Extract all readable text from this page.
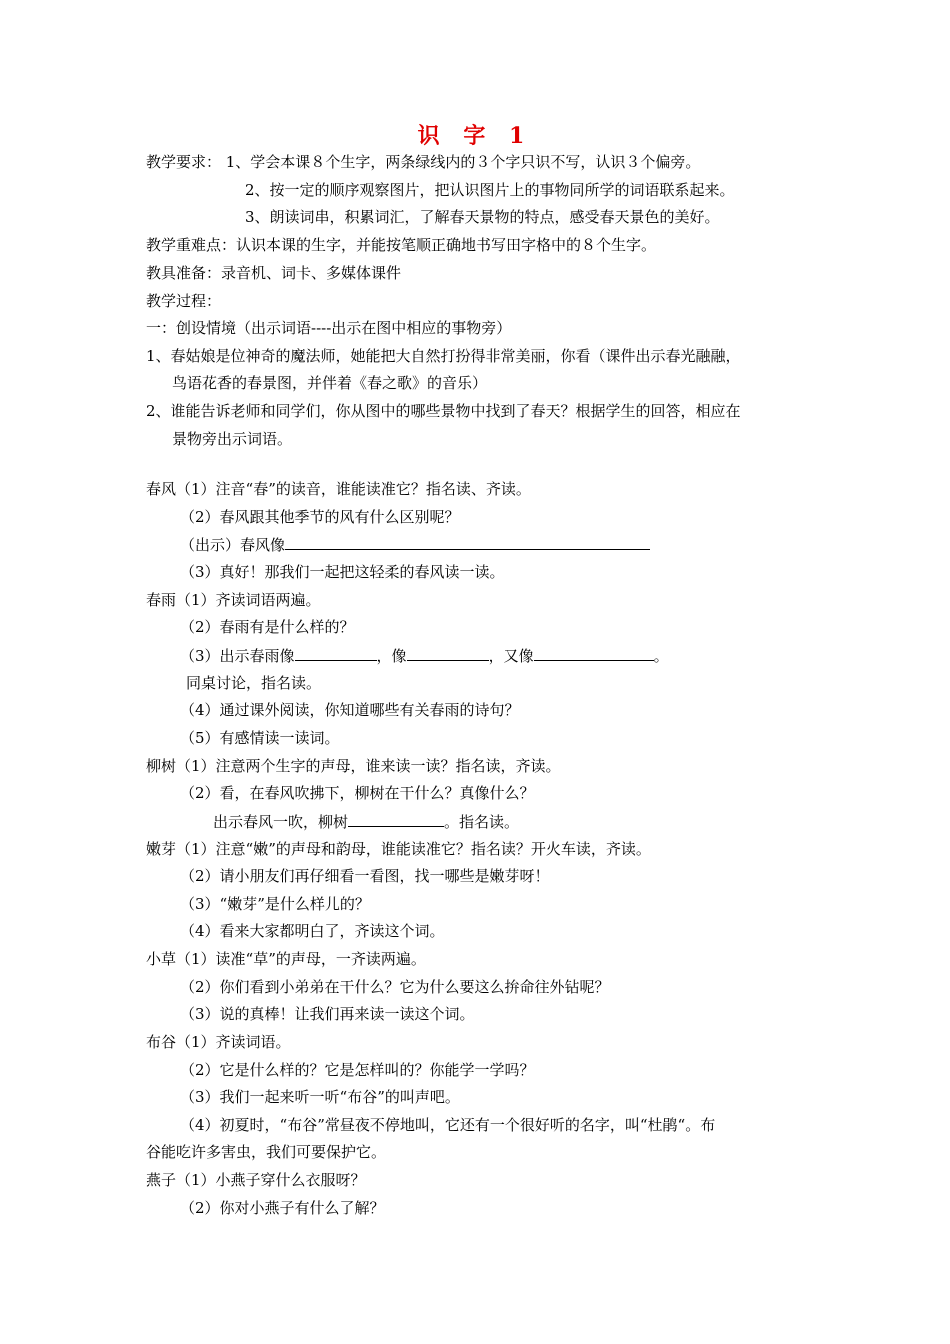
识 字 1
教学要求： 1、学会本课８个生字，两条绿线内的３个字只识不写，认识３个偏旁。
2、按一定的顺序观察图片，把认识图片上的事物同所学的词语联系起来。
3、朗读词串，积累词汇，了解春天景物的特点，感受春天景色的美好。
教学重难点：认识本课的生字，并能按笔顺正确地书写田字格中的８个生字。
教具准备：录音机、词卡、多媒体课件
教学过程：
一：创设情境（出示词语----出示在图中相应的事物旁）
1、春姑娘是位神奇的魔法师，她能把大自然打扮得非常美丽，你看（课件出示春光融融，
鸟语花香的春景图，并伴着《春之歌》的音乐）
2、谁能告诉老师和同学们，你从图中的哪些景物中找到了春天？根据学生的回答，相应在
景物旁出示词语。
春风（1）注音“春”的读音，谁能读准它？指名读、齐读。
（2）春风跟其他季节的风有什么区别呢？
（出示）春风像
（3）真好！那我们一起把这轻柔的春风读一读。
春雨（1）齐读词语两遍。
（2）春雨有是什么样的？
（3）出示春雨像	，像	，又像	。
同桌讨论，指名读。
（4）通过课外阅读，你知道哪些有关春雨的诗句？
（5）有感情读一读词。
柳树（1）注意两个生字的声母，谁来读一读？指名读，齐读。
（2）看，在春风吹拂下，柳树在干什么？真像什么？
出示春风一吹，柳树	。指名读。
嫩芽（1）注意“嫩”的声母和韵母，谁能读准它？指名读？开火车读，齐读。
（2）请小朋友们再仔细看一看图，找一哪些是嫩芽呀！
（3）“嫩芽”是什么样儿的？
（4）看来大家都明白了，齐读这个词。
小草（1）读准“草”的声母，一齐读两遍。
（2）你们看到小弟弟在干什么？它为什么要这么拚命往外钻呢？
（3）说的真棒！让我们再来读一读这个词。
布谷（1）齐读词语。
（2）它是什么样的？它是怎样叫的？你能学一学吗？
（3）我们一起来听一听“布谷”的叫声吧。
（4）初夏时，“布谷”常昼夜不停地叫，它还有一个很好听的名字，叫“杜鹃“。布
谷能吃许多害虫，我们可要保护它。
燕子（1）小燕子穿什么衣服呀？
（2）你对小燕子有什么了解？
